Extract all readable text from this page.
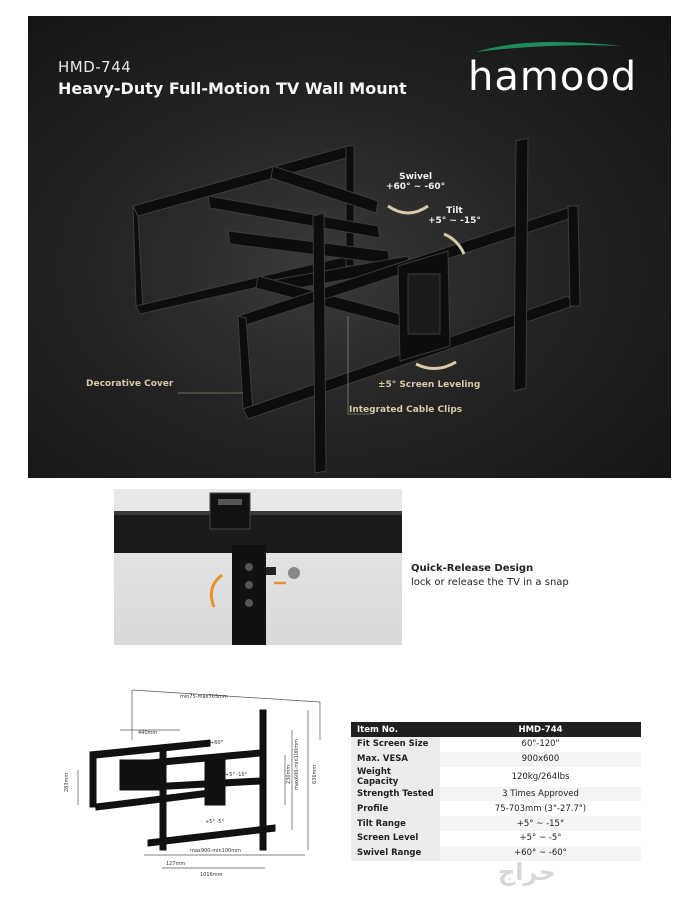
HMD-744
Heavy-Duty Full-Motion TV Wall Mount hamood
Swivel
+60° ~ -60°
Tilt
+5° ~ -15°
Decorative Cover	±5° Screen Leveling
Integrated Cable Clips
Quick-Release Design
lock or release the TV in a snap
min75-max703mm
440mm
+60°
283mm	+5° -15°
+5° -5°
max600-min100mm
230mm	636mm
max900-min100mm
127mm
1016mm
Item No.	HMD-744
Fit Screen Size	60"-120"
Max. VESA	900x600
Weight Capacity	120kg/264lbs
Strength Tested	3 Times Approved
Profile	75-703mm (3"-27.7")
Tilt Range	+5° ~ -15°
Screen Level	+5° ~ -5°
Swivel Range	+60° ~ -60°
حراج
